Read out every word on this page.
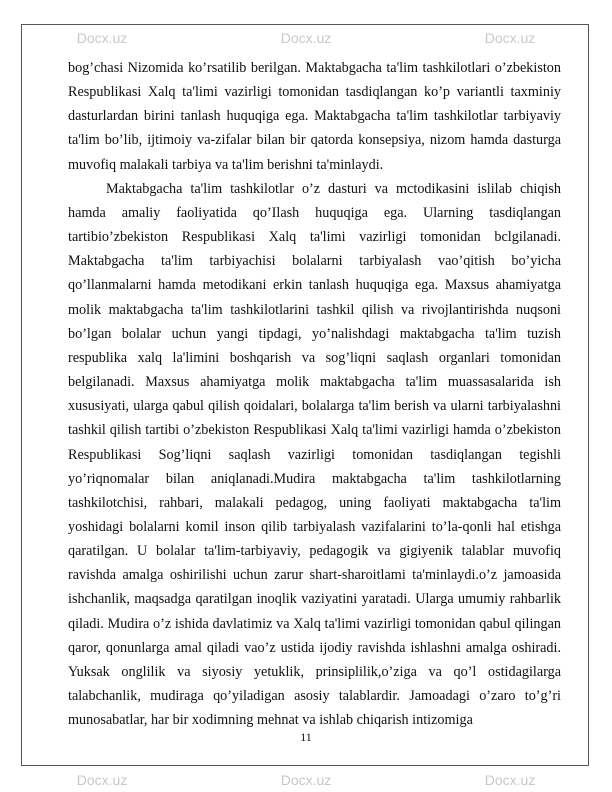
Docx.uz	Docx.uz	Docx.uz

bog’chasi Nizomida ko’rsatilib berilgan. Maktabgacha ta'lim tashkilotlari o’zbekiston Respublikasi Xalq ta'limi vazirligi tomonidan tasdiqlangan ko’p variantli taxminiy dasturlardan birini tanlash huquqiga ega. Maktabgacha ta'lim tashkilotlar tarbiyaviy ta'lim bo’lib, ijtimoiy va-zifalar bilan bir qatorda konsepsiya, nizom hamda dasturga muvofiq malakali tarbiya va ta'lim berishni ta'minlaydi.

Maktabgacha ta'lim tashkilotlar o’z dasturi va mctodikasini islilab chiqish hamda amaliy faoliyatida qo’Ilash huquqiga ega. Ularning tasdiqlangan tartibio’zbekiston Respublikasi Xalq ta'limi vazirligi tomonidan bclgilanadi. Maktabgacha ta'lim tarbiyachisi bolalarni tarbiyalash vao’qitish bo’yicha qo’llanmalarni hamda metodikani erkin tanlash huquqiga ega. Maxsus ahamiyatga molik maktabgacha ta'lim tashkilotlarini tashkil qilish va rivojlantirishda nuqsoni bo’lgan bolalar uchun yangi tipdagi, yo’nalishdagi maktabgacha ta'lim tuzish respublika xalq la'limini boshqarish va sog’liqni saqlash organlari tomonidan belgilanadi. Maxsus ahamiyatga molik maktabgacha ta'lim muassasalarida ish xususiyati, ularga qabul qilish qoidalari, bolalarga ta'lim berish va ularni tarbiyalashni tashkil qilish tartibi o’zbekiston Respublikasi Xalq ta'limi vazirligi hamda o’zbekiston Respublikasi Sog’liqni saqlash vazirligi tomonidan tasdiqlangan tegishli yo’riqnomalar bilan aniqlanadi.Mudira maktabgacha ta'lim tashkilotlarning tashkilotchisi, rahbari, malakali pedagog, uning faoliyati maktabgacha ta'lim yoshidagi bolalarni komil inson qilib tarbiyalash vazifalarini to’la-qonli hal etishga qaratilgan. U bolalar ta'lim-tarbiyaviy, pedagogik va gigiyenik talablar muvofiq ravishda amalga oshirilishi uchun zarur shart-sharoitlami ta'minlaydi.o’z jamoasida ishchanlik, maqsadga qaratilgan inoqlik vaziyatini yaratadi. Ularga umumiy rahbarlik qiladi. Mudira o’z ishida davlatimiz va Xalq ta'limi vazirligi tomonidan qabul qilingan qaror, qonunlarga amal qiladi vao’z ustida ijodiy ravishda ishlashni amalga oshiradi. Yuksak onglilik va siyosiy yetuklik, prinsiplilik,o’ziga va qo’l ostidagilarga talabchanlik, mudiraga qo’yiladigan asosiy talablardir. Jamoadagi o’zaro to’g’ri munosabatlar, har bir xodimning mehnat va ishlab chiqarish intizomiga

11
Docx.uz	Docx.uz	Docx.uz
